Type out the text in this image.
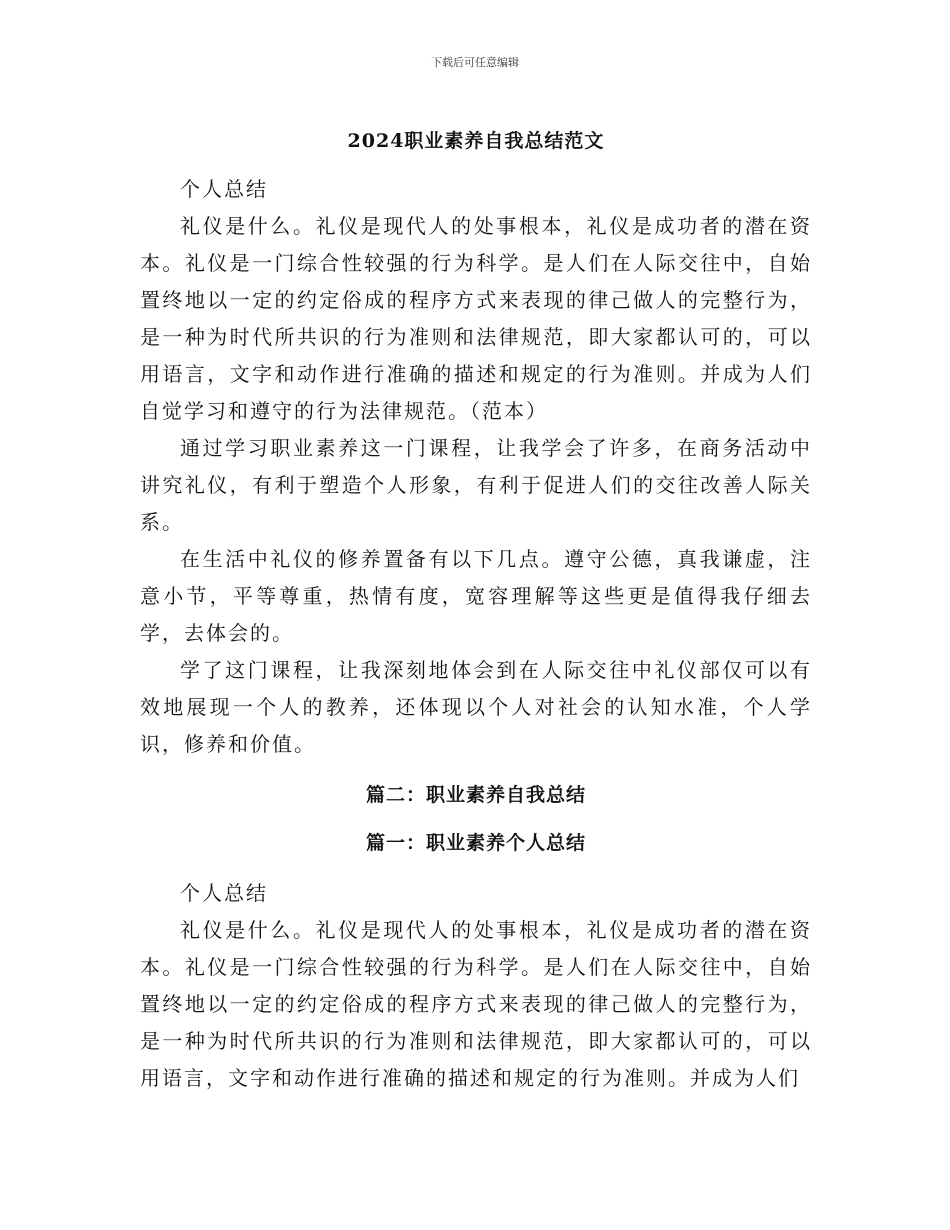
下载后可任意编辑
2024职业素养自我总结范文

个人总结

礼仪是什么。礼仪是现代人的处事根本，礼仪是成功者的潜在资本。礼仪是一门综合性较强的行为科学。是人们在人际交往中，自始置终地以一定的约定俗成的程序方式来表现的律己做人的完整行为，是一种为时代所共识的行为准则和法律规范，即大家都认可的，可以用语言，文字和动作进行准确的描述和规定的行为准则。并成为人们自觉学习和遵守的行为法律规范。（范本）

通过学习职业素养这一门课程，让我学会了许多，在商务活动中讲究礼仪，有利于塑造个人形象，有利于促进人们的交往改善人际关系。

在生活中礼仪的修养置备有以下几点。遵守公德，真我谦虚，注意小节，平等尊重，热情有度，宽容理解等这些更是值得我仔细去学，去体会的。

学了这门课程，让我深刻地体会到在人际交往中礼仪部仅可以有效地展现一个人的教养，还体现以个人对社会的认知水准，个人学识，修养和价值。

篇二：职业素养自我总结
篇一：职业素养个人总结

个人总结

礼仪是什么。礼仪是现代人的处事根本，礼仪是成功者的潜在资本。礼仪是一门综合性较强的行为科学。是人们在人际交往中，自始置终地以一定的约定俗成的程序方式来表现的律己做人的完整行为，是一种为时代所共识的行为准则和法律规范，即大家都认可的，可以用语言，文字和动作进行准确的描述和规定的行为准则。并成为人们
